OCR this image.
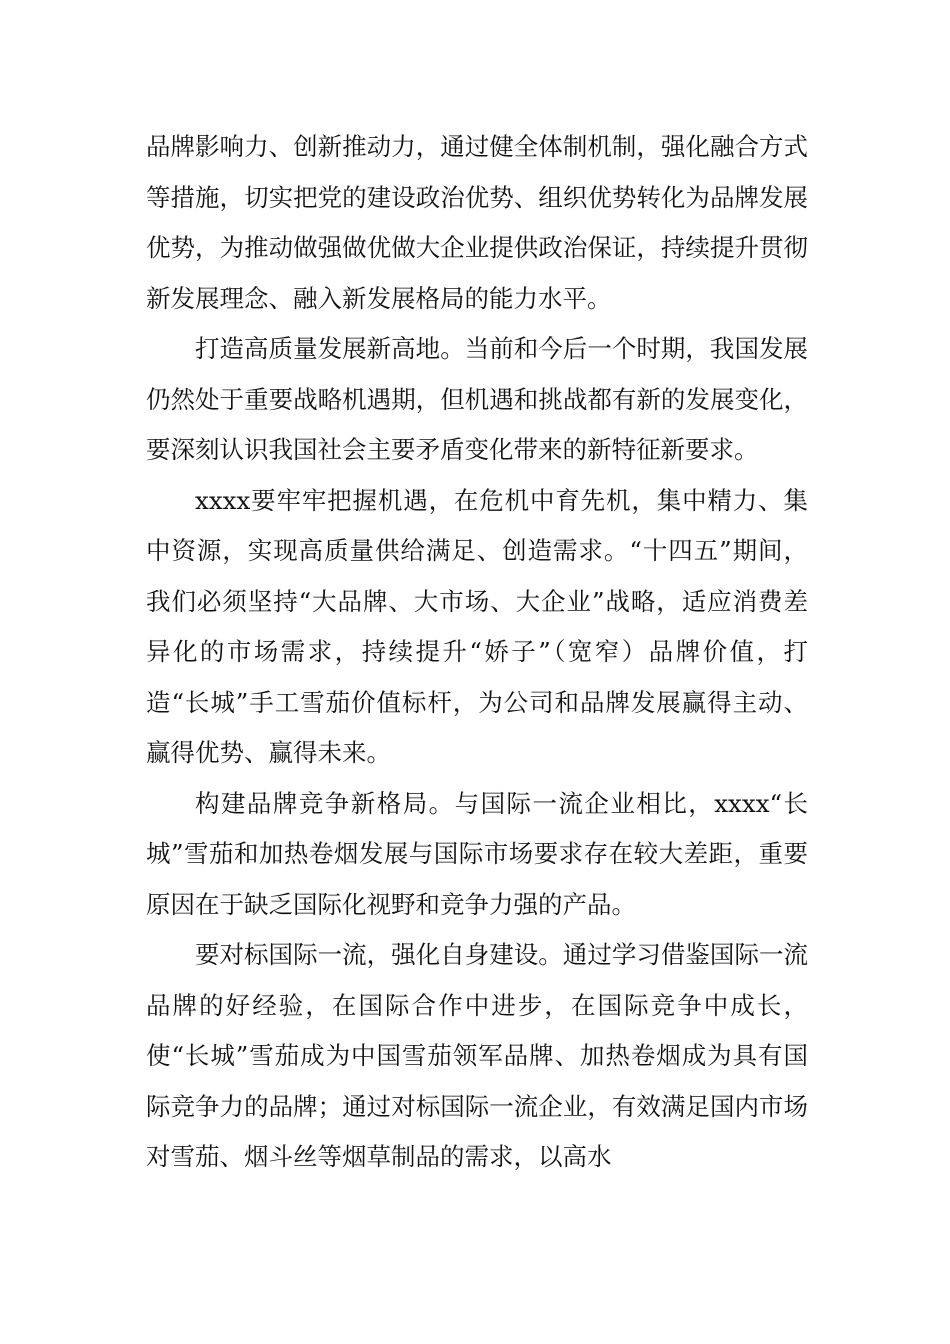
品牌影响力、创新推动力，通过健全体制机制，强化融合方式等措施，切实把党的建设政治优势、组织优势转化为品牌发展优势，为推动做强做优做大企业提供政治保证，持续提升贯彻新发展理念、融入新发展格局的能力水平。

打造高质量发展新高地。当前和今后一个时期，我国发展仍然处于重要战略机遇期，但机遇和挑战都有新的发展变化，要深刻认识我国社会主要矛盾变化带来的新特征新要求。

xxxx要牢牢把握机遇，在危机中育先机，集中精力、集中资源，实现高质量供给满足、创造需求。“十四五”期间，我们必须坚持“大品牌、大市场、大企业”战略，适应消费差异化的市场需求，持续提升“娇子”（宽窄）品牌价值，打造“长城”手工雪茄价值标杆，为公司和品牌发展赢得主动、赢得优势、赢得未来。

构建品牌竞争新格局。与国际一流企业相比，xxxx“长城”雪茄和加热卷烟发展与国际市场要求存在较大差距，重要原因在于缺乏国际化视野和竞争力强的产品。

要对标国际一流，强化自身建设。通过学习借鉴国际一流品牌的好经验，在国际合作中进步，在国际竞争中成长，使“长城”雪茄成为中国雪茄领军品牌、加热卷烟成为具有国际竞争力的品牌；通过对标国际一流企业，有效满足国内市场对雪茄、烟斗丝等烟草制品的需求，以高水
